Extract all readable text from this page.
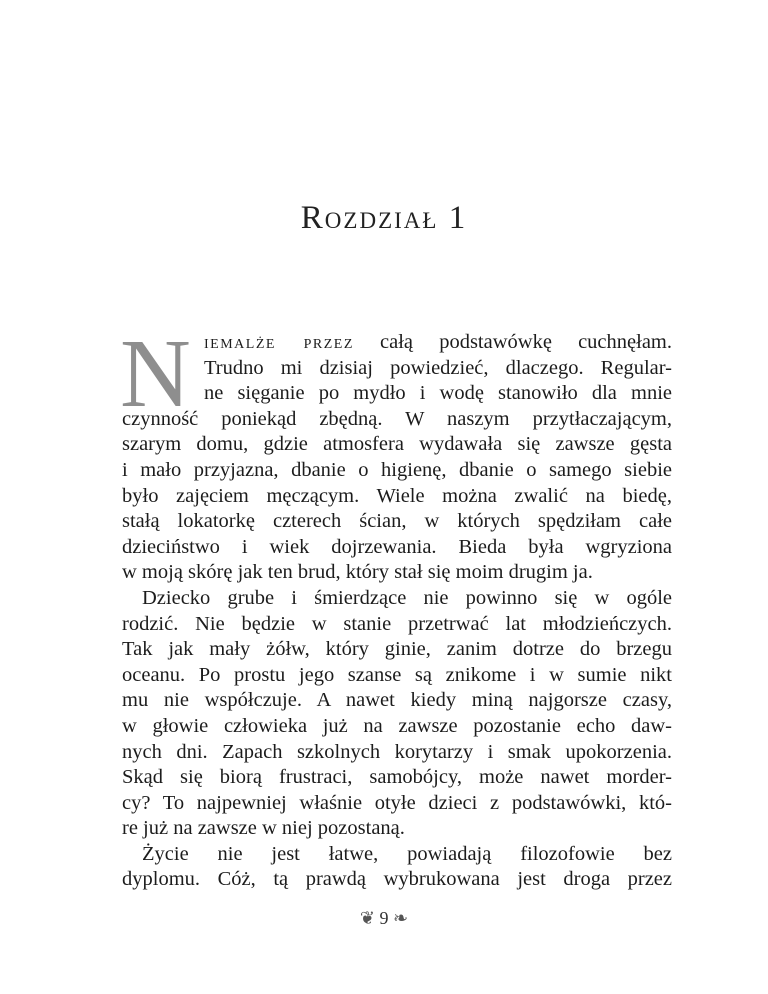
Rozdział 1
N iemalże przez całą podstawówkę cuchnęłam.
Trudno mi dzisiaj powiedzieć, dlaczego. Regular-
ne sięganie po mydło i wodę stanowiło dla mnie
czynność poniekąd zbędną. W naszym przytłaczającym,
szarym domu, gdzie atmosfera wydawała się zawsze gęsta
i mało przyjazna, dbanie o higienę, dbanie o samego siebie
było zajęciem męczącym. Wiele można zwalić na biedę,
stałą lokatorkę czterech ścian, w których spędziłam całe
dzieciństwo i wiek dojrzewania. Bieda była wgryziona
w moją skórę jak ten brud, który stał się moim drugim ja.
Dziecko grube i śmierdzące nie powinno się w ogóle
rodzić. Nie będzie w stanie przetrwać lat młodzieńczych.
Tak jak mały żółw, który ginie, zanim dotrze do brzegu
oceanu. Po prostu jego szanse są znikome i w sumie nikt
mu nie współczuje. A nawet kiedy miną najgorsze czasy,
w głowie człowieka już na zawsze pozostanie echo daw-
nych dni. Zapach szkolnych korytarzy i smak upokorzenia.
Skąd się biorą frustraci, samobójcy, może nawet morder-
cy? To najpewniej właśnie otyłe dzieci z podstawówki, któ-
re już na zawsze w niej pozostaną.
Życie nie jest łatwe, powiadają filozofowie bez
dyplomu. Cóż, tą prawdą wybrukowana jest droga przez
❦ 9 ❧
